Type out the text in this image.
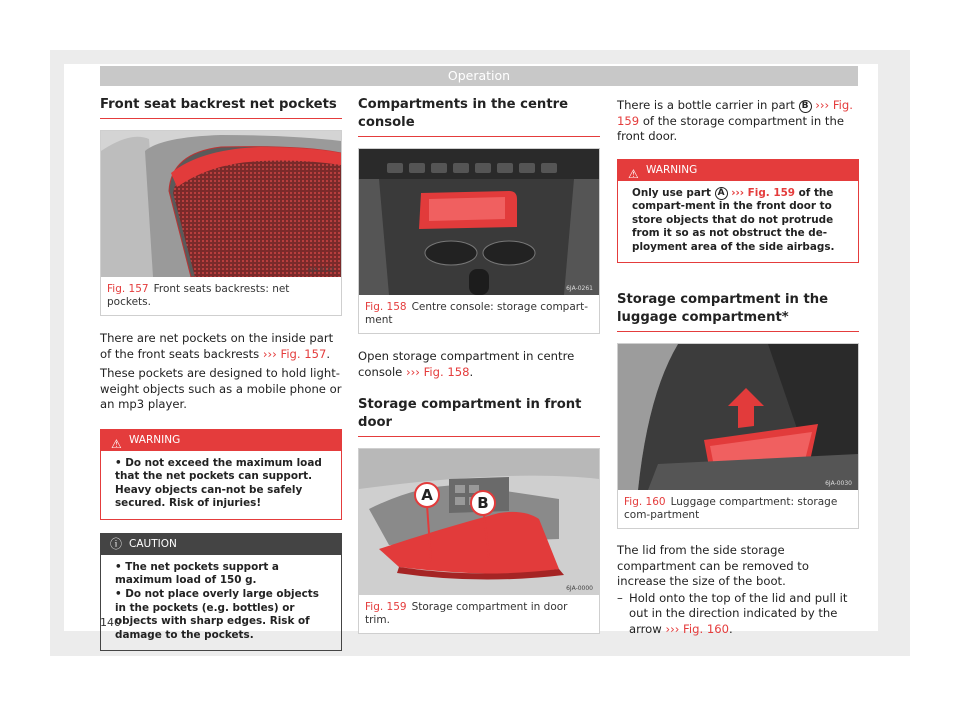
Operation
Front seat backrest net pockets
6JA-0145
Fig. 157 Front seats backrests: net pockets.
There are net pockets on the inside part of the front seats backrests ››› Fig. 157.
These pockets are designed to hold light-weight objects such as a mobile phone or an mp3 player.
⚠ WARNING
• Do not exceed the maximum load that the net pockets can support. Heavy objects can-not be safely secured. Risk of injuries!
ⓘ CAUTION
• The net pockets support a maximum load of 150 g.
• Do not place overly large objects in the pockets (e.g. bottles) or objects with sharp edges. Risk of damage to the pockets.
Compartments in the centre console
6JA-0261
Fig. 158 Centre console: storage compart-ment
Open storage compartment in centre console ››› Fig. 158.
Storage compartment in front door
A	B
6JA-0000
Fig. 159 Storage compartment in door trim.
There is a bottle carrier in part B ››› Fig. 159 of the storage compartment in the front door.
⚠ WARNING
Only use part A ››› Fig. 159 of the compart-ment in the front door to store objects that do not protrude from it so as not obstruct the de-ployment area of the side airbags.
Storage compartment in the luggage compartment*
6JA-0030
Fig. 160 Luggage compartment: storage com-partment
The lid from the side storage compartment can be removed to increase the size of the boot.
– Hold onto the top of the lid and pull it out in the direction indicated by the arrow ››› Fig. 160.
140
